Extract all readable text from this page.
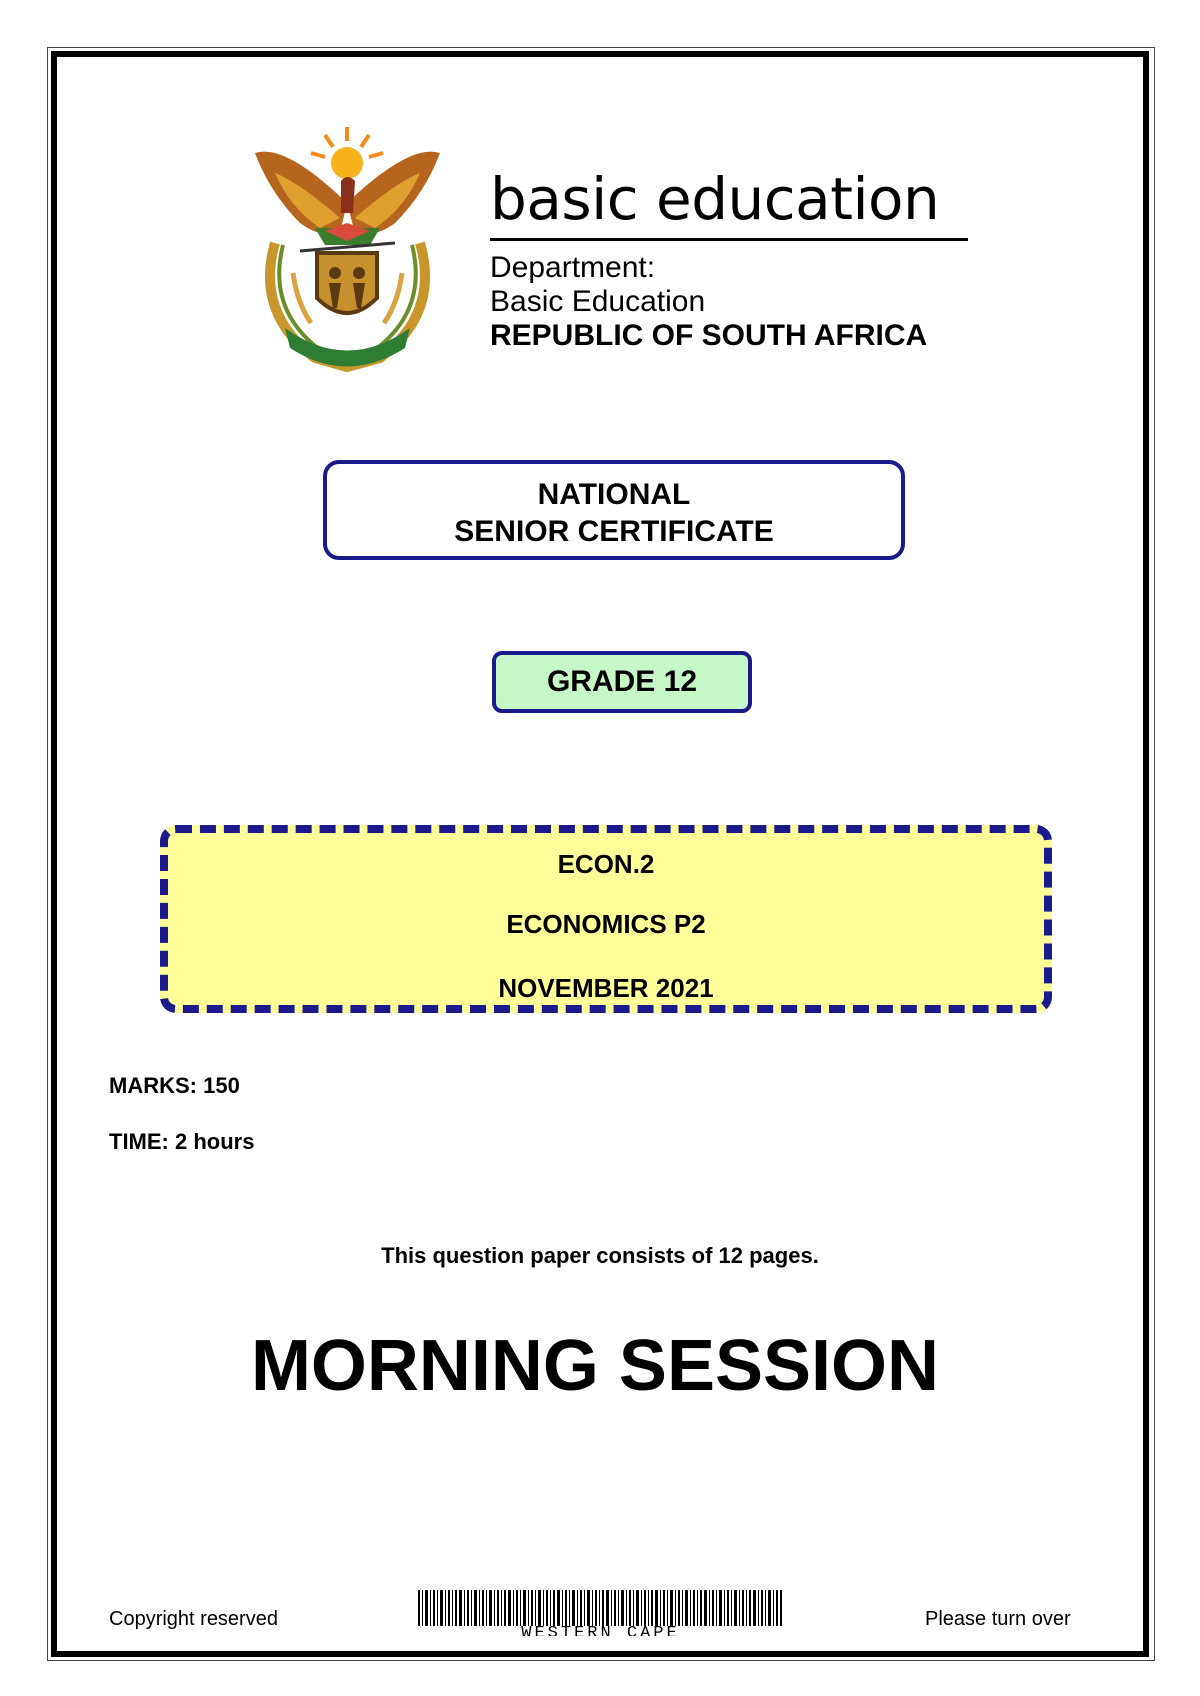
basic education
Department:
Basic Education
REPUBLIC OF SOUTH AFRICA
NATIONAL
SENIOR CERTIFICATE
GRADE 12
ECON.2
ECONOMICS P2
NOVEMBER 2021
MARKS: 150
TIME: 2 hours
This question paper consists of 12 pages.
MORNING SESSION
Copyright reserved
WESTERN CAPE
Please turn over
